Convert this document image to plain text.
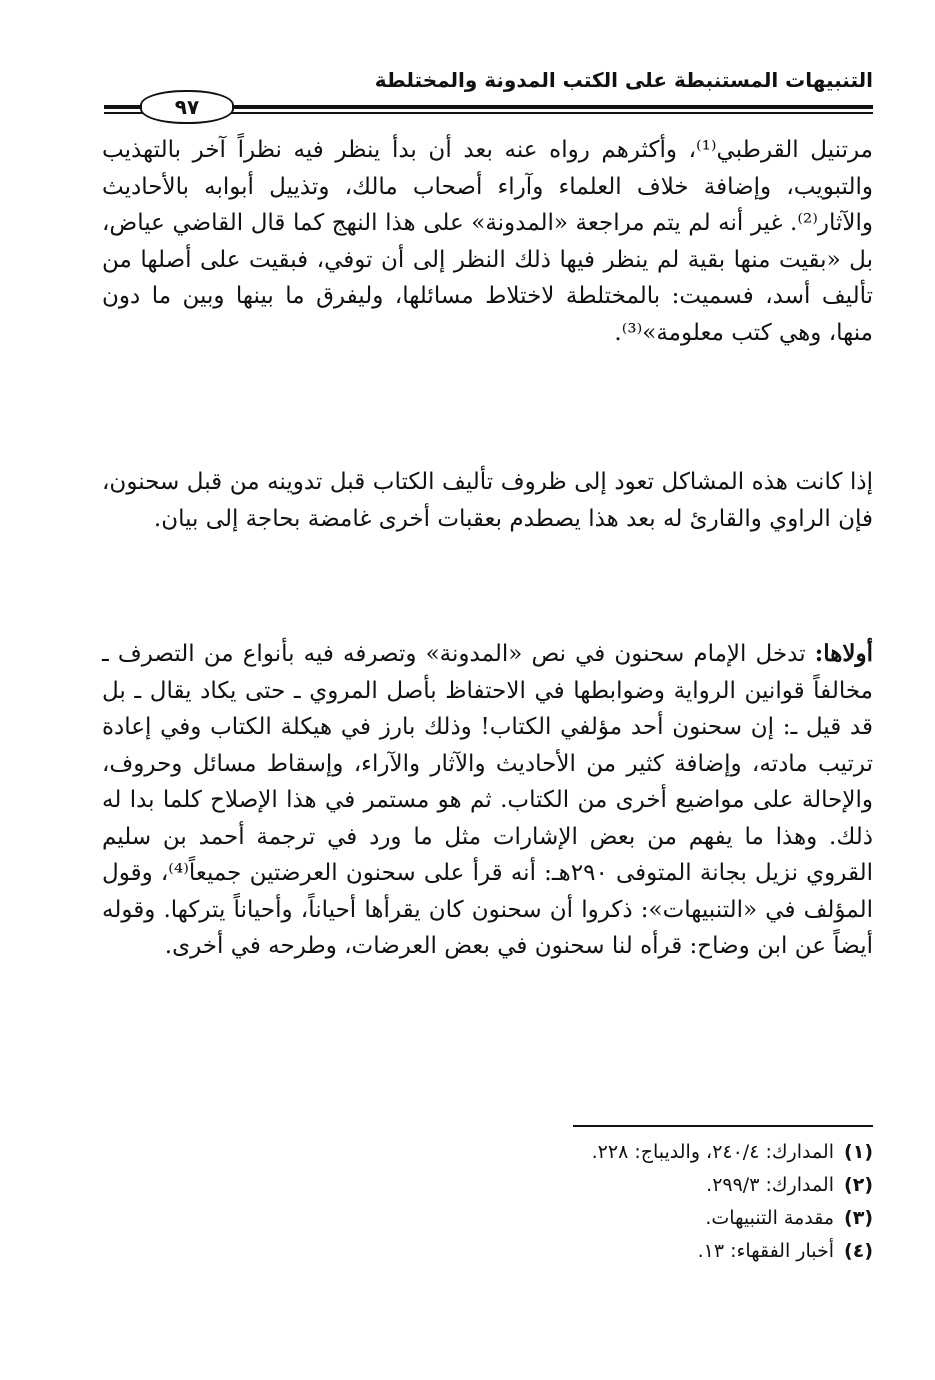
التنبيهات المستنبطة على الكتب المدونة والمختلطة
٩٧

مرتنيل القرطبي⁽¹⁾، وأكثرهم رواه عنه بعد أن بدأ ينظر فيه نظراً آخر بالتهذيب والتبويب، وإضافة خلاف العلماء وآراء أصحاب مالك، وتذييل أبوابه بالأحاديث والآثار⁽²⁾. غير أنه لم يتم مراجعة «المدونة» على هذا النهج كما قال القاضي عياض، بل «بقيت منها بقية لم ينظر فيها ذلك النظر إلى أن توفي، فبقيت على أصلها من تأليف أسد، فسميت: بالمختلطة لاختلاط مسائلها، وليفرق ما بينها وبين ما دون منها، وهي كتب معلومة»⁽³⁾.

إذا كانت هذه المشاكل تعود إلى ظروف تأليف الكتاب قبل تدوينه من قبل سحنون، فإن الراوي والقارئ له بعد هذا يصطدم بعقبات أخرى غامضة بحاجة إلى بيان.

أولاها: تدخل الإمام سحنون في نص «المدونة» وتصرفه فيه بأنواع من التصرف ـ مخالفاً قوانين الرواية وضوابطها في الاحتفاظ بأصل المروي ـ حتى يكاد يقال ـ بل قد قيل ـ: إن سحنون أحد مؤلفي الكتاب! وذلك بارز في هيكلة الكتاب وفي إعادة ترتيب مادته، وإضافة كثير من الأحاديث والآثار والآراء، وإسقاط مسائل وحروف، والإحالة على مواضيع أخرى من الكتاب. ثم هو مستمر في هذا الإصلاح كلما بدا له ذلك. وهذا ما يفهم من بعض الإشارات مثل ما ورد في ترجمة أحمد بن سليم القروي نزيل بجانة المتوفى ٢٩٠هـ: أنه قرأ على سحنون العرضتين جميعاً⁽⁴⁾، وقول المؤلف في «التنبيهات»: ذكروا أن سحنون كان يقرأها أحياناً، وأحياناً يتركها. وقوله أيضاً عن ابن وضاح: قرأه لنا سحنون في بعض العرضات، وطرحه في أخرى.

(١)
المدارك: ٢٤٠/٤، والديباج: ٢٢٨.
(٢)
المدارك: ٢٩٩/٣.
(٣)
مقدمة التنبيهات.
(٤)
أخبار الفقهاء: ١٣.
